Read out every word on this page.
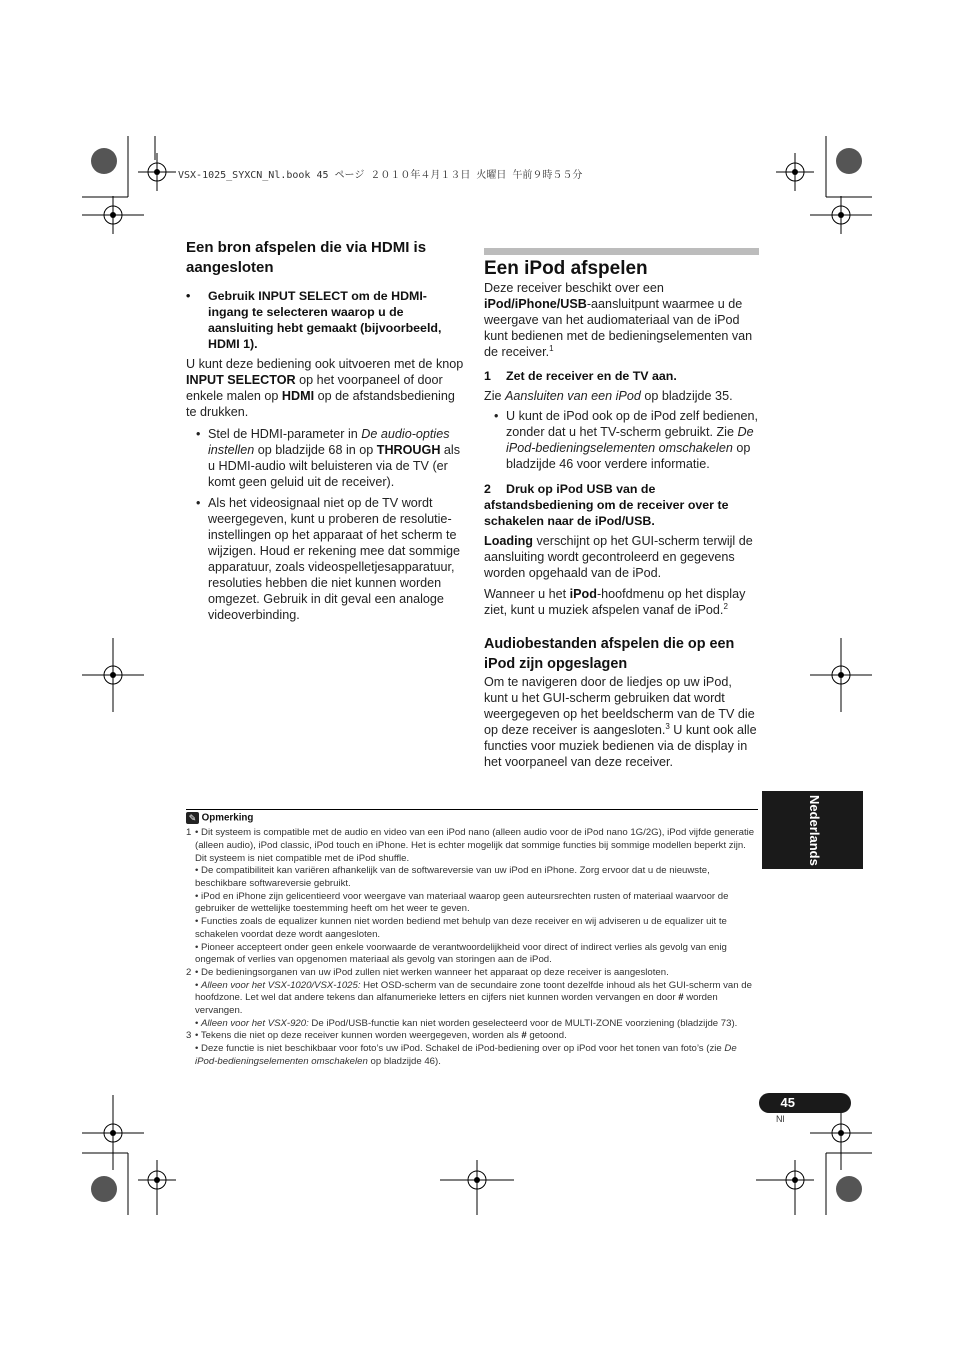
VSX-1025_SYXCN_Nl.book 45 ページ ２０１０年４月１３日 火曜日 午前９時５５分
Een bron afspelen die via HDMI is aangesloten

• Gebruik INPUT SELECT om de HDMI-ingang te selecteren waarop u de aansluiting hebt gemaakt (bijvoorbeeld, HDMI 1).

U kunt deze bediening ook uitvoeren met de knop INPUT SELECTOR op het voorpaneel of door enkele malen op HDMI op de afstandsbediening te drukken.

• Stel de HDMI-parameter in De audio-opties instellen op bladzijde 68 in op THROUGH als u HDMI-audio wilt beluisteren via de TV (er komt geen geluid uit de receiver).
• Als het videosignaal niet op de TV wordt weergegeven, kunt u proberen de resolutie-instellingen op het apparaat of het scherm te wijzigen. Houd er rekening mee dat sommige apparatuur, zoals videospelletjesapparatuur, resoluties hebben die niet kunnen worden omgezet. Gebruik in dit geval een analoge videoverbinding.
Een iPod afspelen

Deze receiver beschikt over een iPod/iPhone/USB-aansluitpunt waarmee u de weergave van het audiomateriaal van de iPod kunt bedienen met de bedieningselementen van de receiver.$^1$

1 Zet de receiver en de TV aan.

Zie Aansluiten van een iPod op bladzijde 35.

• U kunt de iPod ook op de iPod zelf bedienen, zonder dat u het TV-scherm gebruikt. Zie De iPod-bedieningselementen omschakelen op bladzijde 46 voor verdere informatie.

2 Druk op iPod USB van de afstandsbediening om de receiver over te schakelen naar de iPod/USB.

Loading verschijnt op het GUI-scherm terwijl de aansluiting wordt gecontroleerd en gegevens worden opgehaald van de iPod.

Wanneer u het iPod-hoofdmenu op het display ziet, kunt u muziek afspelen vanaf de iPod.$^2$

Audiobestanden afspelen die op een iPod zijn opgeslagen

Om te navigeren door de liedjes op uw iPod, kunt u het GUI-scherm gebruiken dat wordt weergegeven op het beeldscherm van de TV die op deze receiver is aangesloten.$^3$ U kunt ook alle functies voor muziek bedienen via de display in het voorpaneel van deze receiver.

✎ Opmerking
1 • Dit systeem is compatible met de audio en video van een iPod nano (alleen audio voor de iPod nano 1G/2G), iPod vijfde generatie (alleen audio), iPod classic, iPod touch en iPhone. Het is echter mogelijk dat sommige functies bij sommige modellen beperkt zijn. Dit systeem is niet compatible met de iPod shuffle.
• De compatibiliteit kan variëren afhankelijk van de softwareversie van uw iPod en iPhone. Zorg ervoor dat u de nieuwste, beschikbare softwareversie gebruikt.
• iPod en iPhone zijn gelicentieerd voor weergave van materiaal waarop geen auteursrechten rusten of materiaal waarvoor de gebruiker de wettelijke toestemming heeft om het weer te geven.
• Functies zoals de equalizer kunnen niet worden bediend met behulp van deze receiver en wij adviseren u de equalizer uit te schakelen voordat deze wordt aangesloten.
• Pioneer accepteert onder geen enkele voorwaarde de verantwoordelijkheid voor direct of indirect verlies als gevolg van enig ongemak of verlies van opgenomen materiaal als gevolg van storingen aan de iPod.
2 • De bedieningsorganen van uw iPod zullen niet werken wanneer het apparaat op deze receiver is aangesloten.
• Alleen voor het VSX-1020/VSX-1025: Het OSD-scherm van de secundaire zone toont dezelfde inhoud als het GUI-scherm van de hoofdzone. Let wel dat andere tekens dan alfanumerieke letters en cijfers niet kunnen worden vervangen en door # worden vervangen.
• Alleen voor het VSX-920: De iPod/USB-functie kan niet worden geselecteerd voor de MULTI-ZONE voorziening (bladzijde 73).
3 • Tekens die niet op deze receiver kunnen worden weergegeven, worden als # getoond.
• Deze functie is niet beschikbaar voor foto’s uw iPod. Schakel de iPod-bediening over op iPod voor het tonen van foto’s (zie De iPod-bedieningselementen omschakelen op bladzijde 46).
Nederlands
45
Nl
